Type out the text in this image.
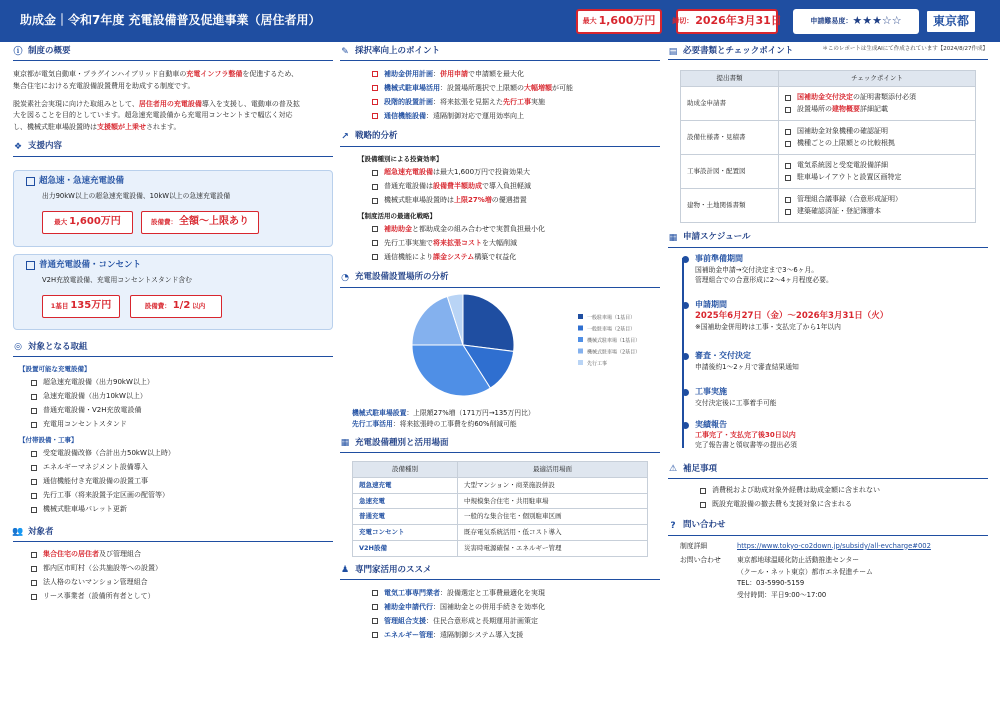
助成金｜令和7年度 充電設備普及促進事業（居住者用）	最大 1,600万円 締切： 2026年3月31日	申請難易度： ★★★☆☆	東京都
ⓘ 制度の概要
東京都が電気自動車・プラグインハイブリッド自動車の充電インフラ整備を促進するため、
集合住宅における充電設備設置費用を助成する制度です。
脱炭素社会実現に向けた取組みとして、居住者用の充電設備導入を支援し、電動車の普及拡
大を図ることを目的としています。超急速充電設備から充電用コンセントまで幅広く対応
し、機械式駐車場設置時は支援額が上乗せされます。
❖ 支援内容
超急速・急速充電設備
出力90kW以上の超急速充電設備、10kW以上の急速充電設備
最大 1,600万円	設備費： 全額〜上限あり
普通充電設備・コンセント
V2H充放電設備、充電用コンセントスタンド含む
1基目 135万円	設備費： 1/2 以内
◎ 対象となる取組
【設置可能な充電設備】
超急速充電設備（出力90kW以上）
急速充電設備（出力10kW以上）
普通充電設備・V2H充放電設備
充電用コンセントスタンド
【付帯設備・工事】
受変電設備改修（合計出力50kW以上時）
エネルギーマネジメント設備導入
通信機能付き充電設備の設置工事
先行工事（将来設置予定区画の配管等）
機械式駐車場パレット更新
👥 対象者
集合住宅の居住者 及び管理組合
都内区市町村（公共施設等への設置）
法人格のないマンション管理組合
リース事業者（設備所有者として）
✎ 採択率向上のポイント
補助金併用計画 ： 併用申請 で申請額を最大化
機械式駐車場活用 ： 設置場所選択で上限額の 大幅増額 が可能
段階的設置計画 ： 将来拡張を見据えた 先行工事 実施
通信機能設備 ： 遠隔制御対応で運用効率向上
↗ 戦略的分析
【設備種別による投資効率】
超急速充電設備 は最大1,600万円で投資効果大
普通充電設備は 設備費半額助成 で導入負担軽減
機械式駐車場設置時は 上限27%増 の優遇措置
【制度活用の最適化戦略】
補助助金 と都助成金の組み合わせで実質負担最小化
先行工事実施で 将来拡張コスト を大幅削減
通信機能により 課金システム 構築で収益化
◔ 充電設備設置場所の分析
一般駐車場（1基目）
一般駐車場（2基目）
機械式駐車場（1基目）
機械式駐車場（2基目）
先行工事
機械式駐車場設置：上限額27%増（171万円→135万円比）
先行工事活用：将来拡張時の工事費を約60%削減可能
▦ 充電設備種別と活用場面
設備種別	最適活用場面
超急速充電	大型マンション・商業施設併設
急速充電	中規模集合住宅・共用駐車場
普通充電	一般的な集合住宅・個別駐車区画
充電コンセント	既存電気系統活用・低コスト導入
V2H設備	災害時電源確保・エネルギー管理
♟ 専門家活用のススメ
電気工事専門業者 ：設備選定と工事費最適化を実現
補助金申請代行 ：国補助金との併用手続きを効率化
管理組合支援 ：住民合意形成と長期運用計画策定
エネルギー管理 ：遠隔制御システム導入支援
▤ 必要書類とチェックポイント	＊このレポートは生成AIにて作成されています【2024/8/27作成】
提出書類	チェックポイント
助成金申請書	国補助金交付決定 の証明書類添付必須
設置場所の 建物概要 詳細記載

設備仕様書・見積書	国補助金対象機種の確認証明
機種ごとの上限額との比較根拠

工事設計図・配置図	電気系統図と受変電設備詳細
駐車場レイアウトと設置区画特定

建物・土地関係書類	管理組合議事録（合意形成証明）
建築確認済証・登記簿謄本
▦ 申請スケジュール
事前準備期間
国補助金申請→交付決定まで3〜6ヶ月。
管理組合での合意形成に2〜4ヶ月程度必要。
申請期間
2025年6月27日（金）〜2026年3月31日（火）
※国補助金併用時は工事・支払完了から1年以内
審査・交付決定
申請後約1〜2ヶ月で審査結果通知
工事実施
交付決定後に工事着手可能
実績報告
工事完了・支払完了後30日以内
完了報告書と領収書等の提出必須
⚠ 補足事項
消費税および助成対象外経費は助成金額に含まれない
既設充電設備の撤去費も支援対象に含まれる
? 問い合わせ
制度詳細	https://www.tokyo-co2down.jp/subsidy/all-evcharge#002
お問い合わせ 東京都地球温暖化防止活動推進センター
（クール・ネット東京）都市エネ促進チーム
TEL：03-5990-5159
受付時間：平日9:00〜17:00
